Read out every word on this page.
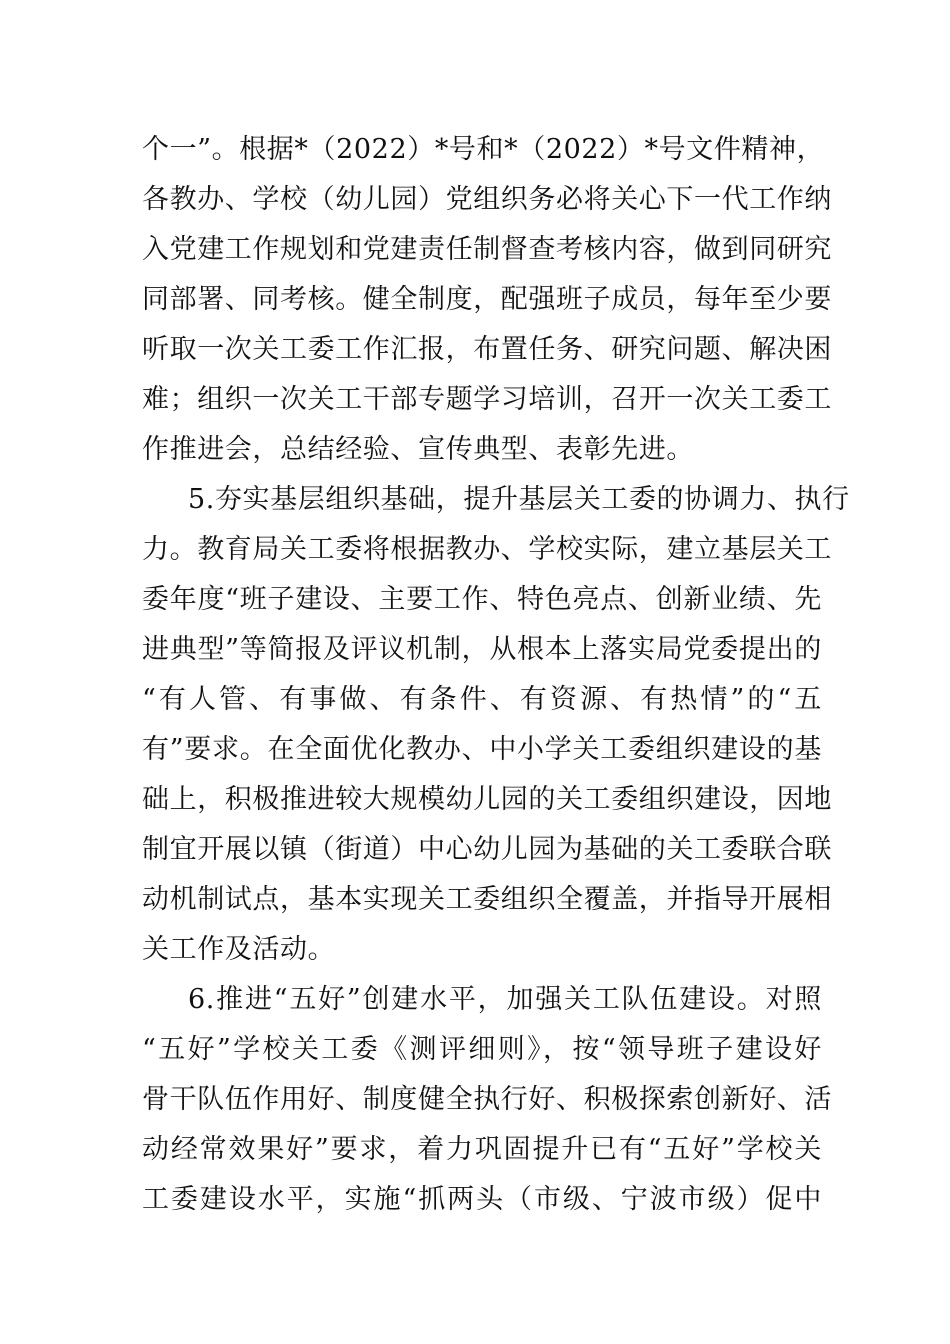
个一”。根据*（2022）*号和*（2022）*号文件精神，
各教办、学校（幼儿园）党组织务必将关心下一代工作纳
入党建工作规划和党建责任制督查考核内容，做到同研究
同部署、同考核。健全制度，配强班子成员，每年至少要
听取一次关工委工作汇报，布置任务、研究问题、解决困
难；组织一次关工干部专题学习培训，召开一次关工委工
作推进会，总结经验、宣传典型、表彰先进。
5.夯实基层组织基础，提升基层关工委的协调力、执行
力。教育局关工委将根据教办、学校实际，建立基层关工
委年度“班子建设、主要工作、特色亮点、创新业绩、先
进典型”等简报及评议机制，从根本上落实局党委提出的
“有人管、有事做、有条件、有资源、有热情”的“五
有”要求。在全面优化教办、中小学关工委组织建设的基
础上，积极推进较大规模幼儿园的关工委组织建设，因地
制宜开展以镇（街道）中心幼儿园为基础的关工委联合联
动机制试点，基本实现关工委组织全覆盖，并指导开展相
关工作及活动。
6.推进“五好”创建水平，加强关工队伍建设。对照
“五好”学校关工委《测评细则》，按“领导班子建设好
骨干队伍作用好、制度健全执行好、积极探索创新好、活
动经常效果好”要求，着力巩固提升已有“五好”学校关
工委建设水平，实施“抓两头（市级、宁波市级）促中
